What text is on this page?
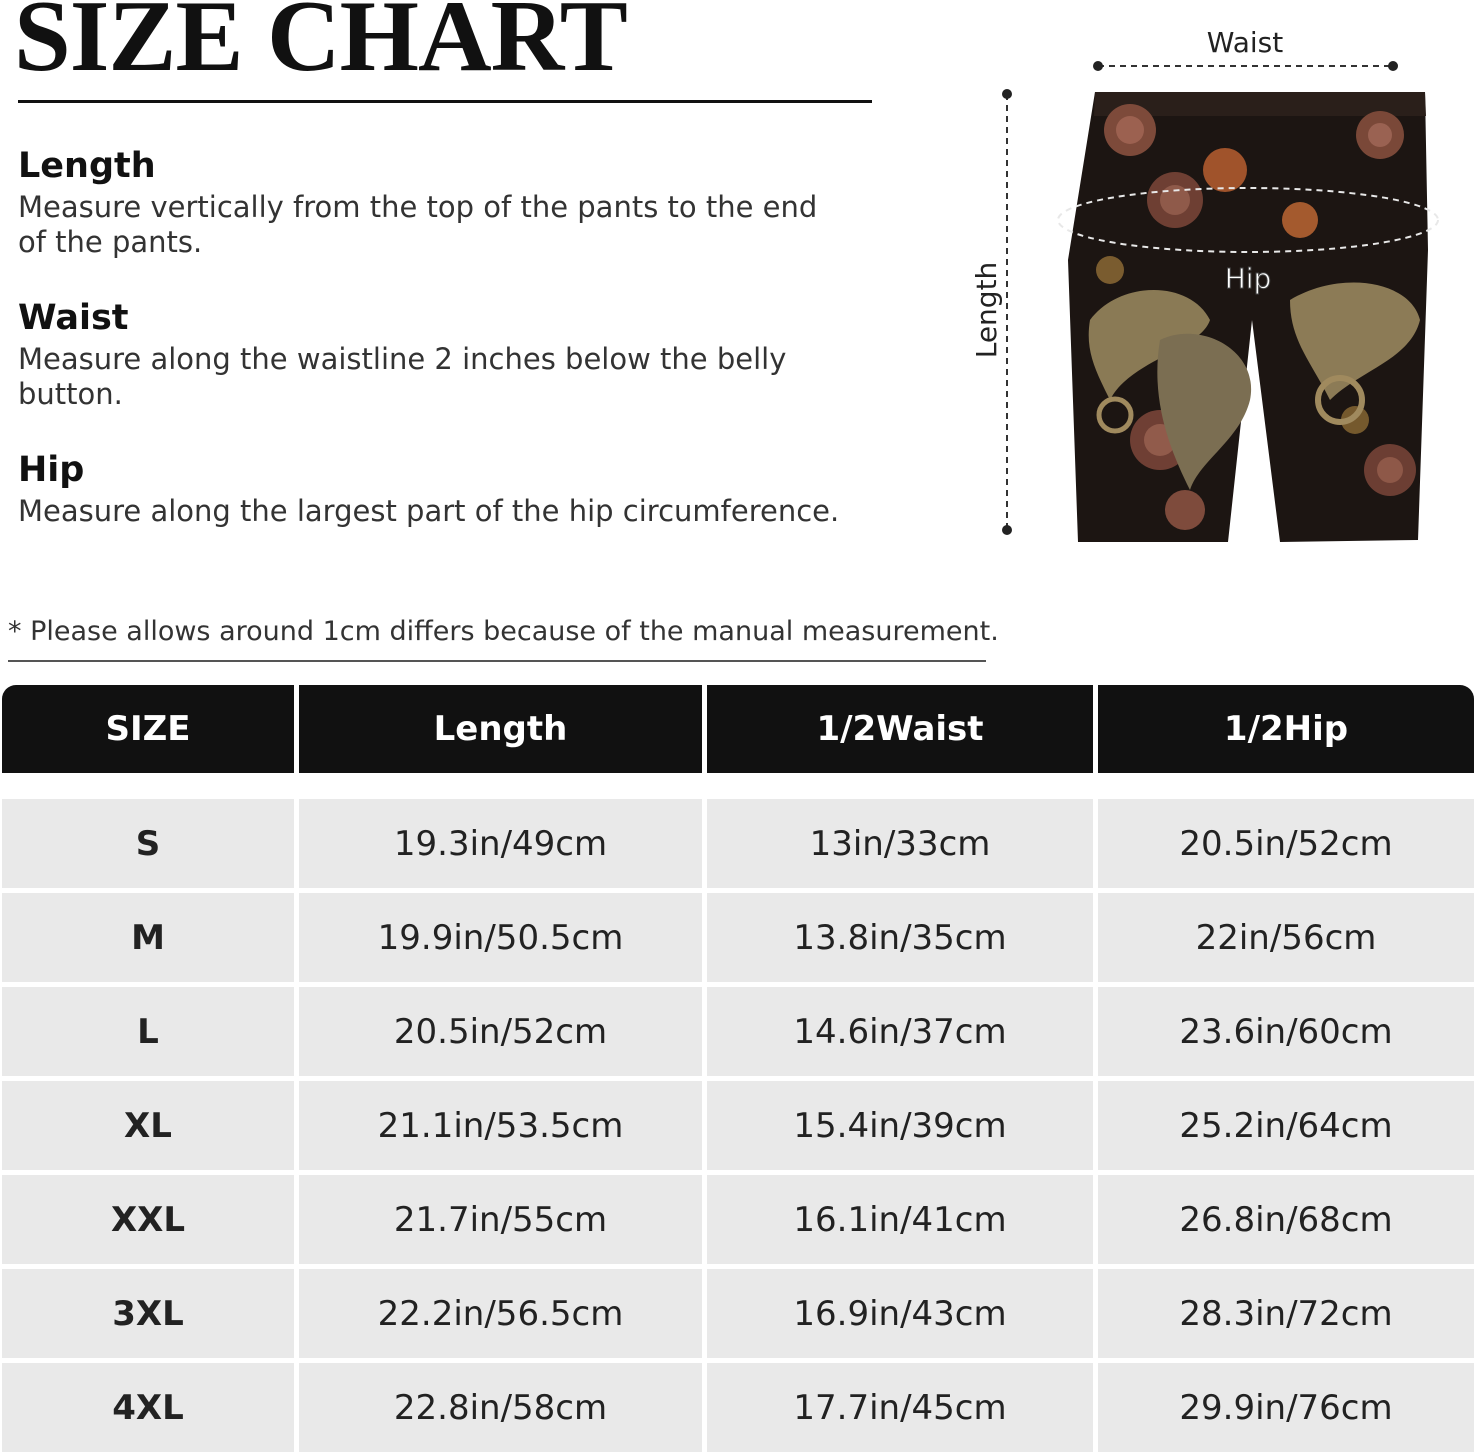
SIZE CHART

Length

Measure vertically from the top of the pants to the end of the pants.

Waist

Measure along the waistline 2 inches below the belly button.

Hip

Measure along the largest part of the hip circumference.

* Please allows around 1cm differs because of the manual measurement.
Waist
Length	Hip
SIZE	Length	1/2Waist	1/2Hip
S	19.3in/49cm	13in/33cm	20.5in/52cm
M	19.9in/50.5cm	13.8in/35cm	22in/56cm
L	20.5in/52cm	14.6in/37cm	23.6in/60cm
XL	21.1in/53.5cm	15.4in/39cm	25.2in/64cm
XXL	21.7in/55cm	16.1in/41cm	26.8in/68cm
3XL	22.2in/56.5cm	16.9in/43cm	28.3in/72cm
4XL	22.8in/58cm	17.7in/45cm	29.9in/76cm
